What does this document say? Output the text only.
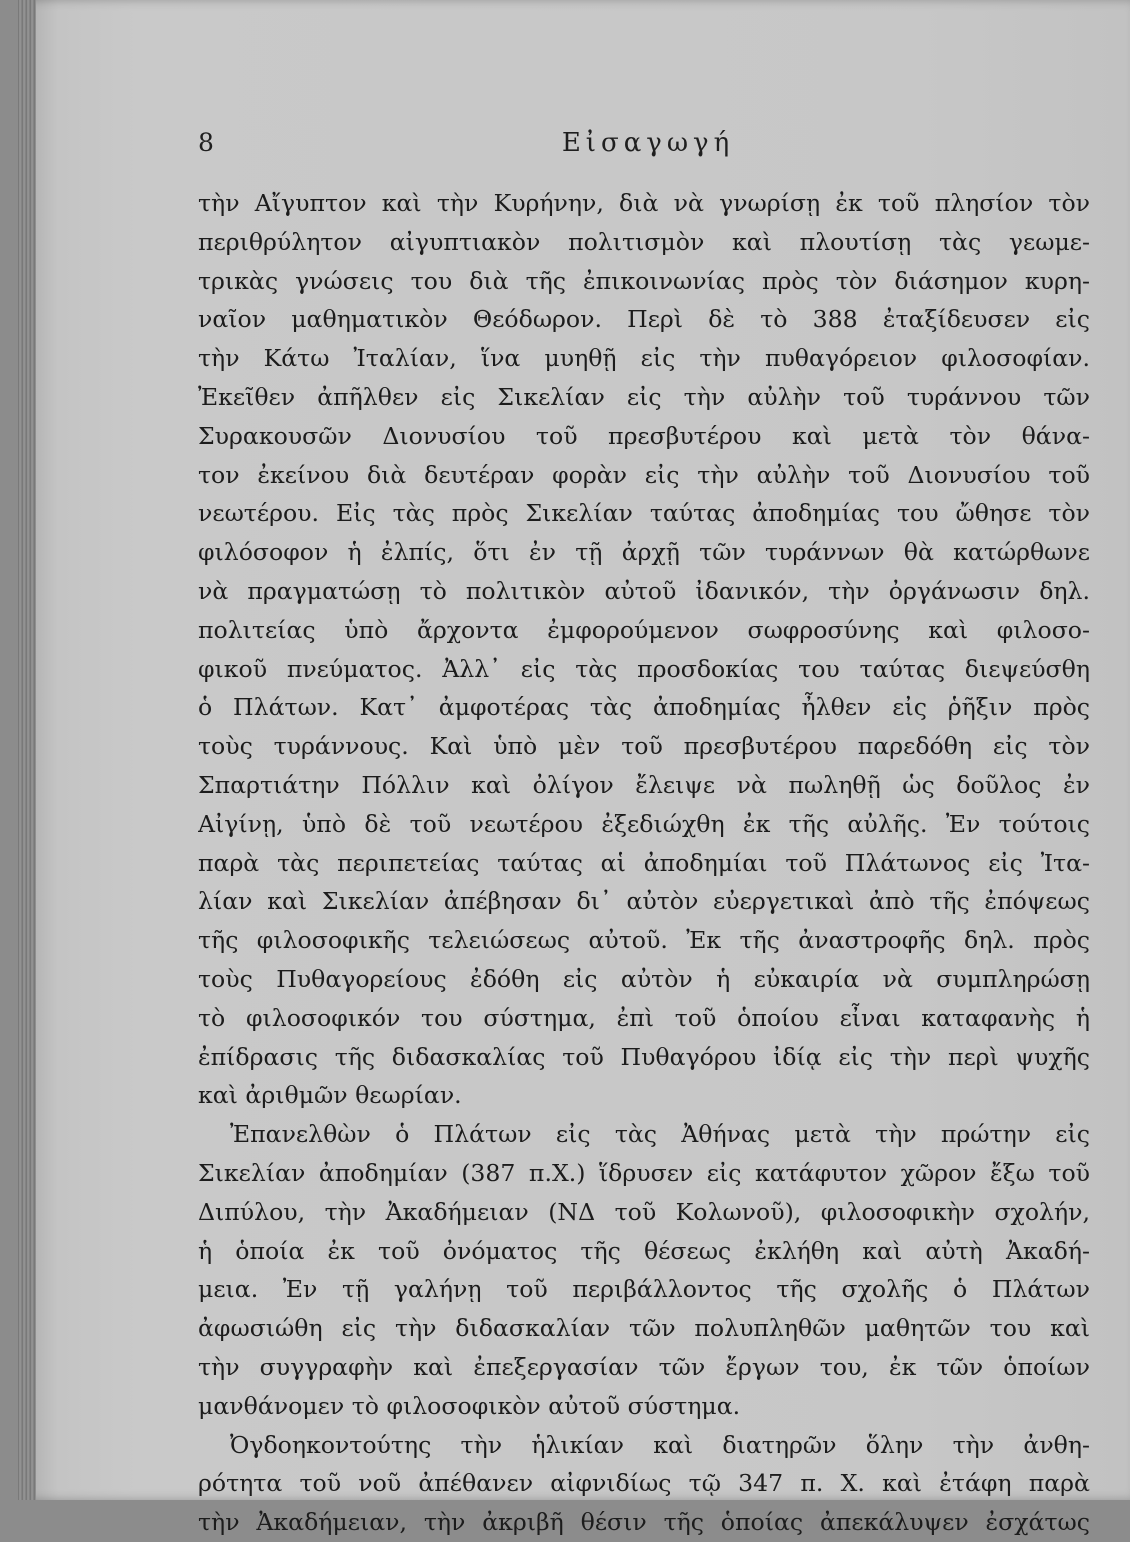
8	Εἰσαγωγή
τὴν Αἴγυπτον καὶ τὴν Κυρήνην, διὰ νὰ γνωρίσῃ ἐκ τοῦ πλησίον τὸν
περιθρύλητον αἰγυπτιακὸν πολιτισμὸν καὶ πλουτίσῃ τὰς γεωμε-
τρικὰς γνώσεις του διὰ τῆς ἐπικοινωνίας πρὸς τὸν διάσημον κυρη-
ναῖον μαθηματικὸν Θεόδωρον. Περὶ δὲ τὸ 388 ἐταξίδευσεν εἰς
τὴν Κάτω Ἰταλίαν, ἵνα μυηθῇ εἰς τὴν πυθαγόρειον φιλοσοφίαν.
Ἐκεῖθεν ἀπῆλθεν εἰς Σικελίαν εἰς τὴν αὐλὴν τοῦ τυράννου τῶν
Συρακουσῶν Διονυσίου τοῦ πρεσβυτέρου καὶ μετὰ τὸν θάνα-
τον ἐκείνου διὰ δευτέραν φορὰν εἰς τὴν αὐλὴν τοῦ Διονυσίου τοῦ
νεωτέρου. Εἰς τὰς πρὸς Σικελίαν ταύτας ἀποδημίας του ὤθησε τὸν
φιλόσοφον ἡ ἐλπίς, ὅτι ἐν τῇ ἀρχῇ τῶν τυράννων θὰ κατώρθωνε
νὰ πραγματώσῃ τὸ πολιτικὸν αὐτοῦ ἰδανικόν, τὴν ὀργάνωσιν δηλ.
πολιτείας ὑπὸ ἄρχοντα ἐμφορούμενον σωφροσύνης καὶ φιλοσο-
φικοῦ πνεύματος. Ἀλλ᾽ εἰς τὰς προσδοκίας του ταύτας διεψεύσθη
ὁ Πλάτων. Κατ᾽ ἀμφοτέρας τὰς ἀποδημίας ἦλθεν εἰς ῥῆξιν πρὸς
τοὺς τυράννους. Καὶ ὑπὸ μὲν τοῦ πρεσβυτέρου παρεδόθη εἰς τὸν
Σπαρτιάτην Πόλλιν καὶ ὀλίγον ἔλειψε νὰ πωληθῇ ὡς δοῦλος ἐν
Αἰγίνῃ, ὑπὸ δὲ τοῦ νεωτέρου ἐξεδιώχθη ἐκ τῆς αὐλῆς. Ἐν τούτοις
παρὰ τὰς περιπετείας ταύτας αἱ ἀποδημίαι τοῦ Πλάτωνος εἰς Ἰτα-
λίαν καὶ Σικελίαν ἀπέβησαν δι᾽ αὐτὸν εὐεργετικαὶ ἀπὸ τῆς ἐπόψεως
τῆς φιλοσοφικῆς τελειώσεως αὐτοῦ. Ἐκ τῆς ἀναστροφῆς δηλ. πρὸς
τοὺς Πυθαγορείους ἐδόθη εἰς αὐτὸν ἡ εὐκαιρία νὰ συμπληρώσῃ
τὸ φιλοσοφικόν του σύστημα, ἐπὶ τοῦ ὁποίου εἶναι καταφανὴς ἡ
ἐπίδρασις τῆς διδασκαλίας τοῦ Πυθαγόρου ἰδίᾳ εἰς τὴν περὶ ψυχῆς
καὶ ἀριθμῶν θεωρίαν.
Ἐπανελθὼν ὁ Πλάτων εἰς τὰς Ἀθήνας μετὰ τὴν πρώτην εἰς
Σικελίαν ἀποδημίαν (387 π.Χ.) ἵδρυσεν εἰς κατάφυτον χῶρον ἔξω τοῦ
Διπύλου, τὴν Ἀκαδήμειαν (ΝΔ τοῦ Κολωνοῦ), φιλοσοφικὴν σχολήν,
ἡ ὁποία ἐκ τοῦ ὀνόματος τῆς θέσεως ἐκλήθη καὶ αὐτὴ Ἀκαδή-
μεια. Ἐν τῇ γαλήνῃ τοῦ περιβάλλοντος τῆς σχολῆς ὁ Πλάτων
ἀφωσιώθη εἰς τὴν διδασκαλίαν τῶν πολυπληθῶν μαθητῶν του καὶ
τὴν συγγραφὴν καὶ ἐπεξεργασίαν τῶν ἔργων του, ἐκ τῶν ὁποίων
μανθάνομεν τὸ φιλοσοφικὸν αὐτοῦ σύστημα.
Ὀγδοηκοντούτης τὴν ἡλικίαν καὶ διατηρῶν ὅλην τὴν ἀνθη-
ρότητα τοῦ νοῦ ἀπέθανεν αἰφνιδίως τῷ 347 π. Χ. καὶ ἐτάφη παρὰ
τὴν Ἀκαδήμειαν, τὴν ἀκριβῆ θέσιν τῆς ὁποίας ἀπεκάλυψεν ἐσχάτως
